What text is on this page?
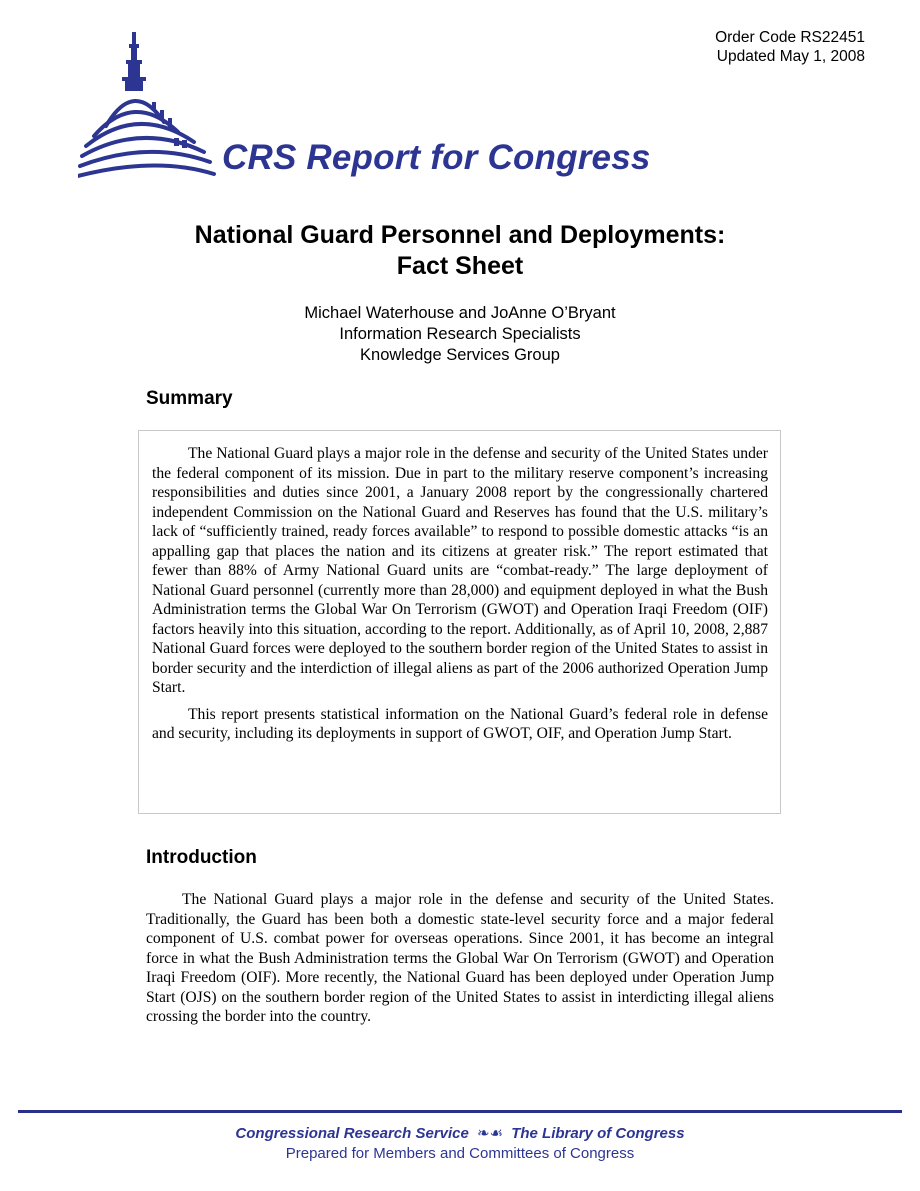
Order Code RS22451
Updated May 1, 2008
CRS Report for Congress
National Guard Personnel and Deployments:
Fact Sheet
Michael Waterhouse and JoAnne O’Bryant
Information Research Specialists
Knowledge Services Group
Summary

The National Guard plays a major role in the defense and security of the United States under the federal component of its mission. Due in part to the military reserve component’s increasing responsibilities and duties since 2001, a January 2008 report by the congressionally chartered independent Commission on the National Guard and Reserves has found that the U.S. military’s lack of “sufficiently trained, ready forces available” to respond to possible domestic attacks “is an appalling gap that places the nation and its citizens at greater risk.” The report estimated that fewer than 88% of Army National Guard units are “combat-ready.” The large deployment of National Guard personnel (currently more than 28,000) and equipment deployed in what the Bush Administration terms the Global War On Terrorism (GWOT) and Operation Iraqi Freedom (OIF) factors heavily into this situation, according to the report. Additionally, as of April 10, 2008, 2,887 National Guard forces were deployed to the southern border region of the United States to assist in border security and the interdiction of illegal aliens as part of the 2006 authorized Operation Jump Start.

This report presents statistical information on the National Guard’s federal role in defense and security, including its deployments in support of GWOT, OIF, and Operation Jump Start.

Introduction

The National Guard plays a major role in the defense and security of the United States. Traditionally, the Guard has been both a domestic state-level security force and a major federal component of U.S. combat power for overseas operations. Since 2001, it has become an integral force in what the Bush Administration terms the Global War On Terrorism (GWOT) and Operation Iraqi Freedom (OIF). More recently, the National Guard has been deployed under Operation Jump Start (OJS) on the southern border region of the United States to assist in interdicting illegal aliens crossing the border into the country.

Congressional Research Service ❧☙ The Library of Congress
Prepared for Members and Committees of Congress
